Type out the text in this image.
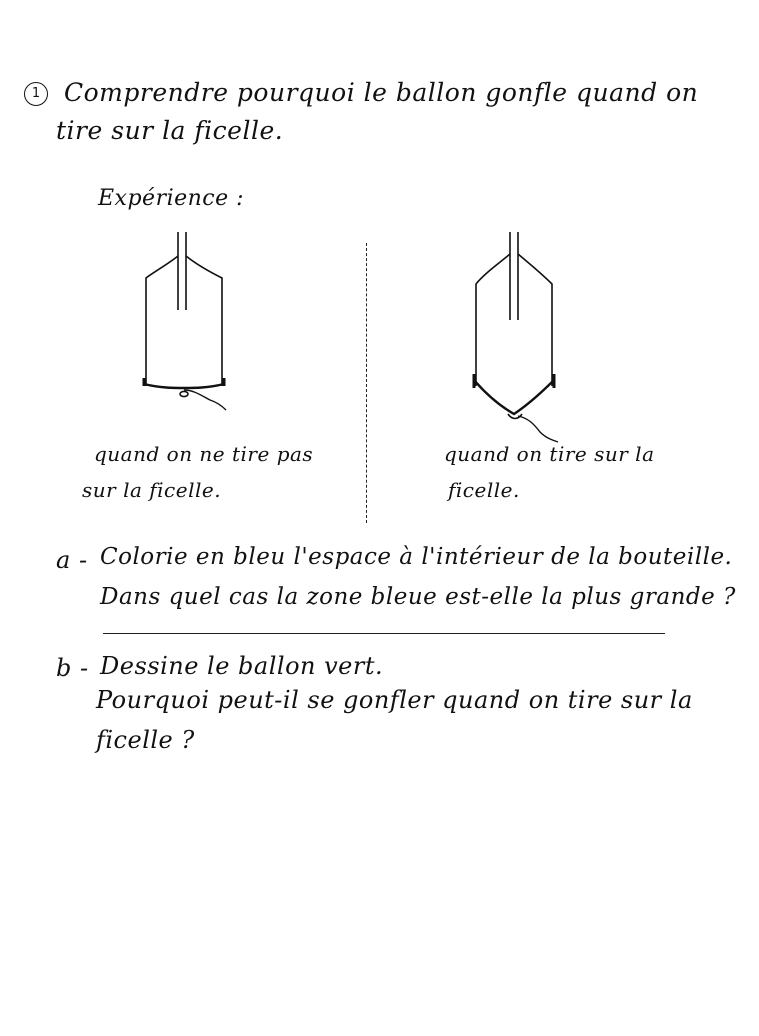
1 Comprendre pourquoi le ballon gonfle quand on
tire sur la ficelle.
Expérience :
quand on ne tire pas
sur la ficelle.
quand on tire sur la
ficelle.
a - Colorie en bleu l'espace à l'intérieur de la bouteille.
Dans quel cas la zone bleue est-elle la plus grande ?
b - Dessine le ballon vert.
Pourquoi peut-il se gonfler quand on tire sur la
ficelle ?
